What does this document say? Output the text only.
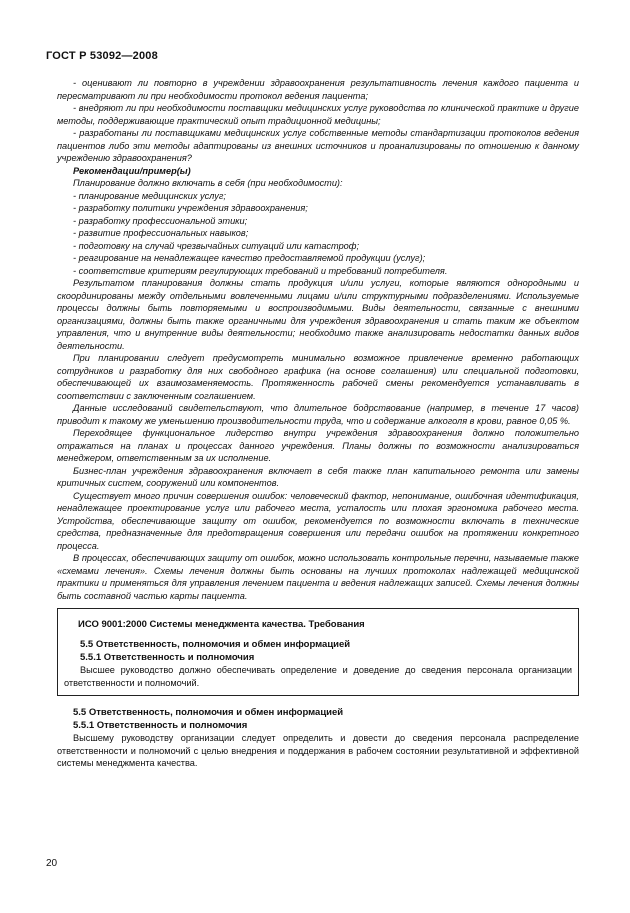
ГОСТ Р 53092—2008

- оценивают ли повторно в учреждении здравоохранения результативность лечения каждого пациента и пересматривают ли при необходимости протокол ведения пациента;

- внедряют ли при необходимости поставщики медицинских услуг руководства по клинической практике и другие методы, поддерживающие практический опыт традиционной медицины;

- разработаны ли поставщиками медицинских услуг собственные методы стандартизации протоколов ведения пациентов либо эти методы адаптированы из внешних источников и проанализированы по отношению к данному учреждению здравоохранения?

Рекомендации/пример(ы)

Планирование должно включать в себя (при необходимости):

- планирование медицинских услуг;

- разработку политики учреждения здравоохранения;

- разработку профессиональной этики;

- развитие профессиональных навыков;

- подготовку на случай чрезвычайных ситуаций или катастроф;

- реагирование на ненадлежащее качество предоставляемой продукции (услуг);

- соответствие критериям регулирующих требований и требований потребителя.

Результатом планирования должны стать продукция и/или услуги, которые являются однородными и скоординированы между отдельными вовлеченными лицами и/или структурными подразделениями. Используемые процессы должны быть повторяемыми и воспроизводимыми. Виды деятельности, связанные с внешними организациями, должны быть также органичными для учреждения здравоохранения и стать таким же объектом управления, что и внутренние виды деятельности; необходимо также анализировать недостатки данных видов деятельности.

При планировании следует предусмотреть минимально возможное привлечение временно работающих сотрудников и разработку для них свободного графика (на основе соглашения) или специальной подготовки, обеспечивающей их взаимозаменяемость. Протяженность рабочей смены рекомендуется устанавливать в соответствии с заключенным соглашением.

Данные исследований свидетельствуют, что длительное бодрствование (например, в течение 17 часов) приводит к такому же уменьшению производительности труда, что и содержание алкоголя в крови, равное 0,05 %.

Переходящее функциональное лидерство внутри учреждения здравоохранения должно положительно отражаться на планах и процессах данного учреждения. Планы должны по возможности анализироваться менеджером, ответственным за их исполнение.

Бизнес-план учреждения здравоохранения включает в себя также план капитального ремонта или замены критичных систем, сооружений или компонентов.

Существует много причин совершения ошибок: человеческий фактор, непонимание, ошибочная идентификация, ненадлежащее проектирование услуг или рабочего места, усталость или плохая эргономика рабочего места. Устройства, обеспечивающие защиту от ошибок, рекомендуется по возможности включать в технические средства, предназначенные для предотвращения совершения или передачи ошибок на протяжении конкретного процесса.

В процессах, обеспечивающих защиту от ошибок, можно использовать контрольные перечни, называемые также «схемами лечения». Схемы лечения должны быть основаны на лучших протоколах надлежащей медицинской практики и применяться для управления лечением пациента и ведения надлежащих записей. Схемы лечения должны быть составной частью карты пациента.

ИСО 9001:2000 Системы менеджмента качества. Требования

5.5 Ответственность, полномочия и обмен информацией

5.5.1 Ответственность и полномочия

Высшее руководство должно обеспечивать определение и доведение до сведения персонала организации ответственности и полномочий.

5.5 Ответственность, полномочия и обмен информацией

5.5.1 Ответственность и полномочия

Высшему руководству организации следует определить и довести до сведения персонала распределение ответственности и полномочий с целью внедрения и поддержания в рабочем состоянии результативной и эффективной системы менеджмента качества.

20
